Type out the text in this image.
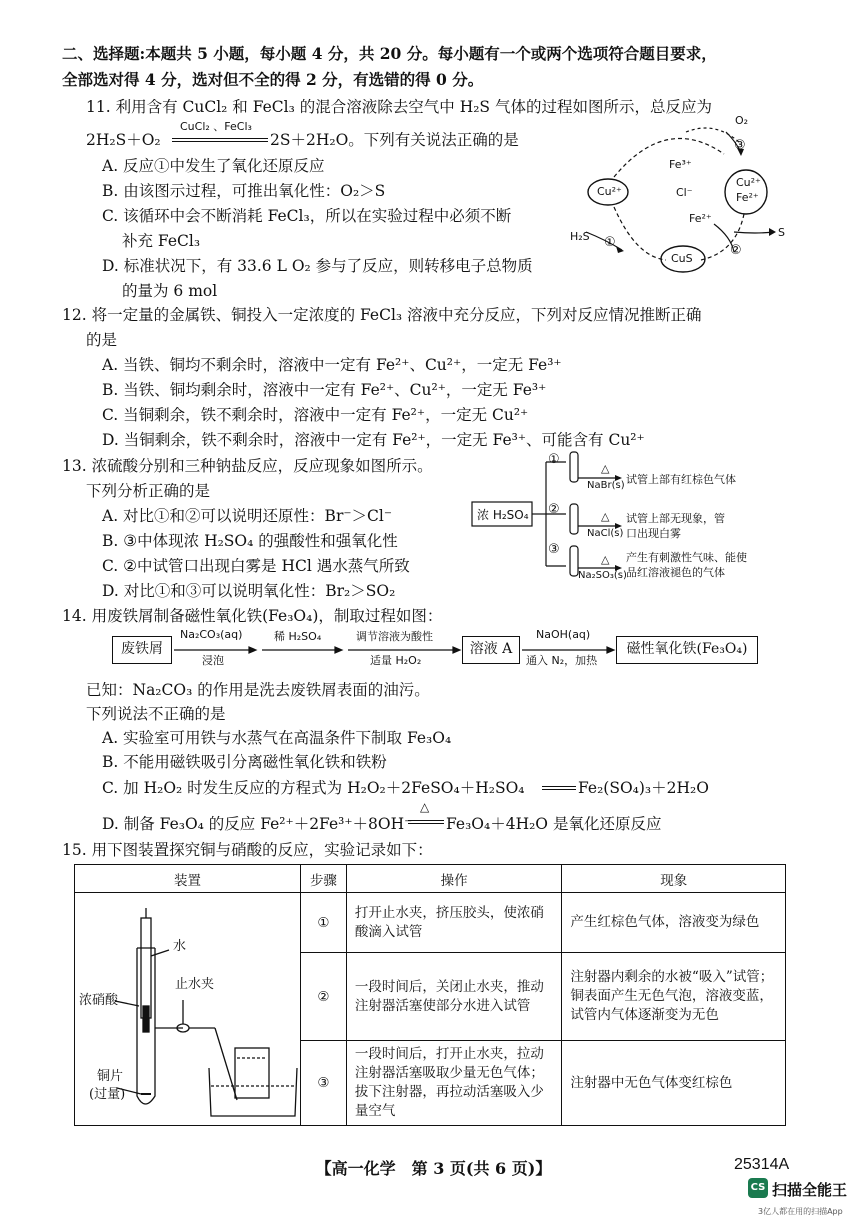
二、选择题:本题共 5 小题，每小题 4 分，共 20 分。每小题有一个或两个选项符合题目要求，
全部选对得 4 分，选对但不全的得 2 分，有选错的得 0 分。
11. 利用含有 CuCl₂ 和 FeCl₃ 的混合溶液除去空气中 H₂S 气体的过程如图所示，总反应为
2H₂S＋O₂
CuCl₂ 、FeCl₃
2S＋2H₂O。下列有关说法正确的是
A. 反应①中发生了氧化还原反应
B. 由该图示过程，可推出氧化性：O₂＞S
C. 该循环中会不断消耗 FeCl₃，所以在实验过程中必须不断
补充 FeCl₃
D. 标准状况下，有 33.6 L O₂ 参与了反应，则转移电子总物质
的量为 6 mol
O₂
③
Fe³⁺
Cl⁻
Cu²⁺
Cu²⁺
Fe²⁺
Fe²⁺
H₂S ①
CuS
②
S
12. 将一定量的金属铁、铜投入一定浓度的 FeCl₃ 溶液中充分反应，下列对反应情况推断正确
的是
A. 当铁、铜均不剩余时，溶液中一定有 Fe²⁺、Cu²⁺，一定无 Fe³⁺
B. 当铁、铜均剩余时，溶液中一定有 Fe²⁺、Cu²⁺，一定无 Fe³⁺
C. 当铜剩余，铁不剩余时，溶液中一定有 Fe²⁺，一定无 Cu²⁺
D. 当铜剩余，铁不剩余时，溶液中一定有 Fe²⁺，一定无 Fe³⁺、可能含有 Cu²⁺
13. 浓硫酸分别和三种钠盐反应，反应现象如图所示。
下列分析正确的是
A. 对比①和②可以说明还原性：Br⁻＞Cl⁻
B. ③中体现浓 H₂SO₄ 的强酸性和强氧化性
C. ②中试管口出现白雾是 HCl 遇水蒸气所致
D. 对比①和③可以说明氧化性：Br₂＞SO₂
浓 H₂SO₄
①
②
③
△
△
△
NaBr(s)
NaCl(s)
Na₂SO₃(s)
试管上部有红棕色气体
试管上部无现象，管
口出现白雾
产生有刺激性气味、能使
品红溶液褪色的气体
14. 用废铁屑制备磁性氧化铁(Fe₃O₄)，制取过程如图：
废铁屑
Na₂CO₃(aq)
浸泡
稀 H₂SO₄	调节溶液为酸性
适量 H₂O₂
溶液 A
NaOH(aq)
通入 N₂，加热
磁性氧化铁(Fe₃O₄)
已知：Na₂CO₃ 的作用是洗去废铁屑表面的油污。
下列说法不正确的是
A. 实验室可用铁与水蒸气在高温条件下制取 Fe₃O₄
B. 不能用磁铁吸引分离磁性氧化铁和铁粉
C. 加 H₂O₂ 时发生反应的方程式为 H₂O₂＋2FeSO₄＋H₂SO₄	Fe₂(SO₄)₃＋2H₂O
D. 制备 Fe₃O₄ 的反应 Fe²⁺＋2Fe³⁺＋8OH⁻
△
Fe₃O₄＋4H₂O 是氧化还原反应
15. 用下图装置探究铜与硝酸的反应，实验记录如下：
装置	步骤	操作	现象

水
止水夹
浓硝酸
铜片
(过量)	①	打开止水夹，挤压胶头，使浓硝酸滴入试管	产生红棕色气体，溶液变为绿色

	②	一段时间后，关闭止水夹，推动注射器活塞使部分水进入试管	注射器内剩余的水被“吸入”试管；铜表面产生无色气泡，溶液变蓝，试管内气体逐渐变为无色

	③	一段时间后，打开止水夹，拉动注射器活塞吸取少量无色气体；拔下注射器，再拉动活塞吸入少量空气	注射器中无色气体变红棕色
【高一化学　第 3 页(共 6 页)】	25314A
CS 扫描全能王
3亿人都在用的扫描App
